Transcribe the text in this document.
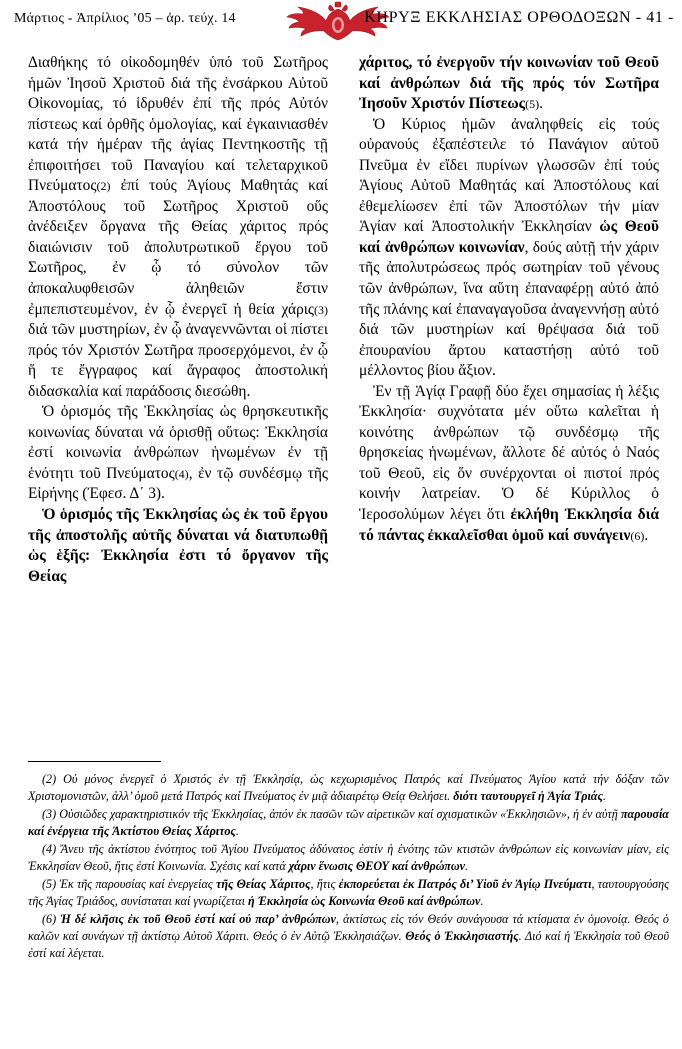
Μάρτιος - Ἀπρίλιος ’05 – ἀρ. τεύχ. 14	ΚΗΡΥΞ ΕΚΚΛΗΣΙΑΣ ΟΡΘΟΔΟΞΩΝ - 41 -

Διαθήκης τό οἰκοδομηθέν ὑπό τοῦ Σωτῆρος ἡμῶν Ἰησοῦ Χριστοῦ διά τῆς ἐνσάρκου Αὐτοῦ Οἰκονομίας, τό ἱδρυθέν ἐπί τῆς πρός Αὐτόν πίστεως καί ὀρθῆς ὁμολογίας, καί ἐγκαινιασθέν κατά τήν ἡμέραν τῆς ἁγίας Πεντηκοστῆς τῇ ἐπιφοιτήσει τοῦ Παναγίου καί τελεταρχικοῦ Πνεύματος(2) ἐπί τούς Ἁγίους Μαθητάς καί Ἀποστόλους τοῦ Σωτῆρος Χριστοῦ οὕς ἀνέδειξεν ὄργανα τῆς Θείας χάριτος πρός διαιώνισιν τοῦ ἀπολυτρωτικοῦ ἔργου τοῦ Σωτῆρος, ἐν ᾧ τό σύνολον τῶν ἀποκαλυφθεισῶν ἀληθειῶν ἔστιν ἐμπεπιστευμένον, ἐν ᾧ ἐνεργεῖ ἡ θεία χάρις(3) διά τῶν μυστηρίων, ἐν ᾧ ἀναγεννῶνται οἱ πίστει πρός τόν Χριστόν Σωτῆρα προσερχόμενοι, ἐν ᾧ ἥ τε ἔγγραφος καί ἄγραφος ἀποστολική διδασκαλία καί παράδοσις διεσώθη.

Ὁ ὁρισμός τῆς Ἐκκλησίας ὡς θρησκευτικῆς κοινωνίας δύναται νά ὁρισθῇ οὕτως: Ἐκκλησία ἐστί κοινωνία ἀνθρώπων ἡνωμένων ἐν τῇ ἑνότητι τοῦ Πνεύματος(4), ἐν τῷ συνδέσμῳ τῆς Εἰρήνης (Ἐφεσ. Δ΄ 3).

Ὁ ὁρισμός τῆς Ἐκκλησίας ὡς ἐκ τοῦ ἔργου τῆς ἀποστολῆς αὐτῆς δύναται νά διατυπωθῇ ὡς ἑξῆς: Ἐκκλησία ἐστι τό ὄργανον τῆς Θείας

χάριτος, τό ἐνεργοῦν τήν κοινωνίαν τοῦ Θεοῦ καί ἀνθρώπων διά τῆς πρός τόν Σωτῆρα Ἰησοῦν Χριστόν Πίστεως(5).

Ὁ Κύριος ἡμῶν ἀναληφθείς εἰς τούς οὐρανούς ἐξαπέστειλε τό Πανάγιον αὐτοῦ Πνεῦμα ἐν εἴδει πυρίνων γλωσσῶν ἐπί τούς Ἁγίους Αὐτοῦ Μαθητάς καί Ἀποστόλους καί ἐθεμελίωσεν ἐπί τῶν Ἀποστόλων τήν μίαν Ἁγίαν καί Ἀποστολικήν Ἐκκλησίαν ὡς Θεοῦ καί ἀνθρώπων κοινωνίαν, δούς αὐτῇ τήν χάριν τῆς ἀπολυτρώσεως πρός σωτηρίαν τοῦ γένους τῶν ἀνθρώπων, ἵνα αὕτη ἐπαναφέρῃ αὐτό ἀπό τῆς πλάνης καί ἐπαναγαγοῦσα ἀναγεννήσῃ αὐτό διά τῶν μυστηρίων καί θρέψασα διά τοῦ ἐπουρανίου ἄρτου καταστήσῃ αὐτό τοῦ μέλλοντος βίου ἄξιον.

Ἐν τῇ Ἁγίᾳ Γραφῇ δύο ἔχει σημασίας ἡ λέξις Ἐκκλησία· συχνότατα μέν οὕτω καλεῖται ἡ κοινότης ἀνθρώπων τῷ συνδέσμῳ τῆς θρησκείας ἡνωμένων, ἄλλοτε δέ αὐτός ὁ Ναός τοῦ Θεοῦ, εἰς ὅν συνέρχονται οἱ πιστοί πρός κοινήν λατρείαν. Ὁ δέ Κύριλλος ὁ Ἱεροσολύμων λέγει ὅτι ἐκλήθη Ἐκκλησία διά τό πάντας ἐκκαλεῖσθαι ὁμοῦ καί συνάγειν(6).

(2) Οὐ μόνος ἐνεργεῖ ὁ Χριστός ἐν τῇ Ἐκκλησίᾳ, ὡς κεχωρισμένος Πατρός καί Πνεύματος Ἁγίου κατά τήν δόξαν τῶν Χριστομονιστῶν, ἀλλ’ ὁμοῦ μετά Πατρός καί Πνεύματος ἐν μιᾷ ἀδιαιρέτῳ Θείᾳ Θελήσει. διότι ταυτουργεῖ ἡ Ἁγία Τριάς.

(3) Οὐσιῶδες χαρακτηριστικόν τῆς Ἐκκλησίας, ἀπόν ἐκ πασῶν τῶν αἱρετικῶν καί σχισματικῶν «Ἐκκλησιῶν», ἡ ἐν αὐτῇ παρουσία καί ἐνέργεια τῆς Ἀκτίστου Θείας Χάριτος.

(4) Ἄνευ τῆς ἀκτίστου ἑνότητος τοῦ Ἁγίου Πνεύματος ἀδύνατος ἐστίν ἡ ἑνότης τῶν κτιστῶν ἀνθρώπων εἰς κοινωνίαν μίαν, εἰς Ἐκκλησίαν Θεοῦ, ἥτις ἐστί Κοινωνία. Σχέσις καί κατά χάριν ἕνωσις ΘΕΟΥ καί ἀνθρώπων.

(5) Ἐκ τῆς παρουσίας καί ἐνεργείας τῆς Θείας Χάριτος, ἥτις ἐκπορεύεται ἐκ Πατρός δι’ Υἱοῦ ἐν Ἁγίῳ Πνεύματι, ταυτουργούσης τῆς Ἁγίας Τριάδος, συνίσταται καί γνωρίζεται ἡ Ἐκκλησία ὡς Κοινωνία Θεοῦ καί ἀνθρώπων.

(6) Ἡ δέ κλῆσις ἐκ τοῦ Θεοῦ ἐστί καί οὐ παρ’ ἀνθρώπων, ἀκτίστως εἰς τόν Θεόν συνάγουσα τά κτίσματα ἐν ὁμονοίᾳ. Θεός ὁ καλῶν καί συνάγων τῇ ἀκτίστῳ Αὐτοῦ Χάριτι. Θεός ὁ ἐν Αὐτῷ Ἐκκλησιάζων. Θεός ὁ Ἐκκλησιαστής. Διό καί ἡ Ἐκκλησία τοῦ Θεοῦ ἐστί καί λέγεται.
